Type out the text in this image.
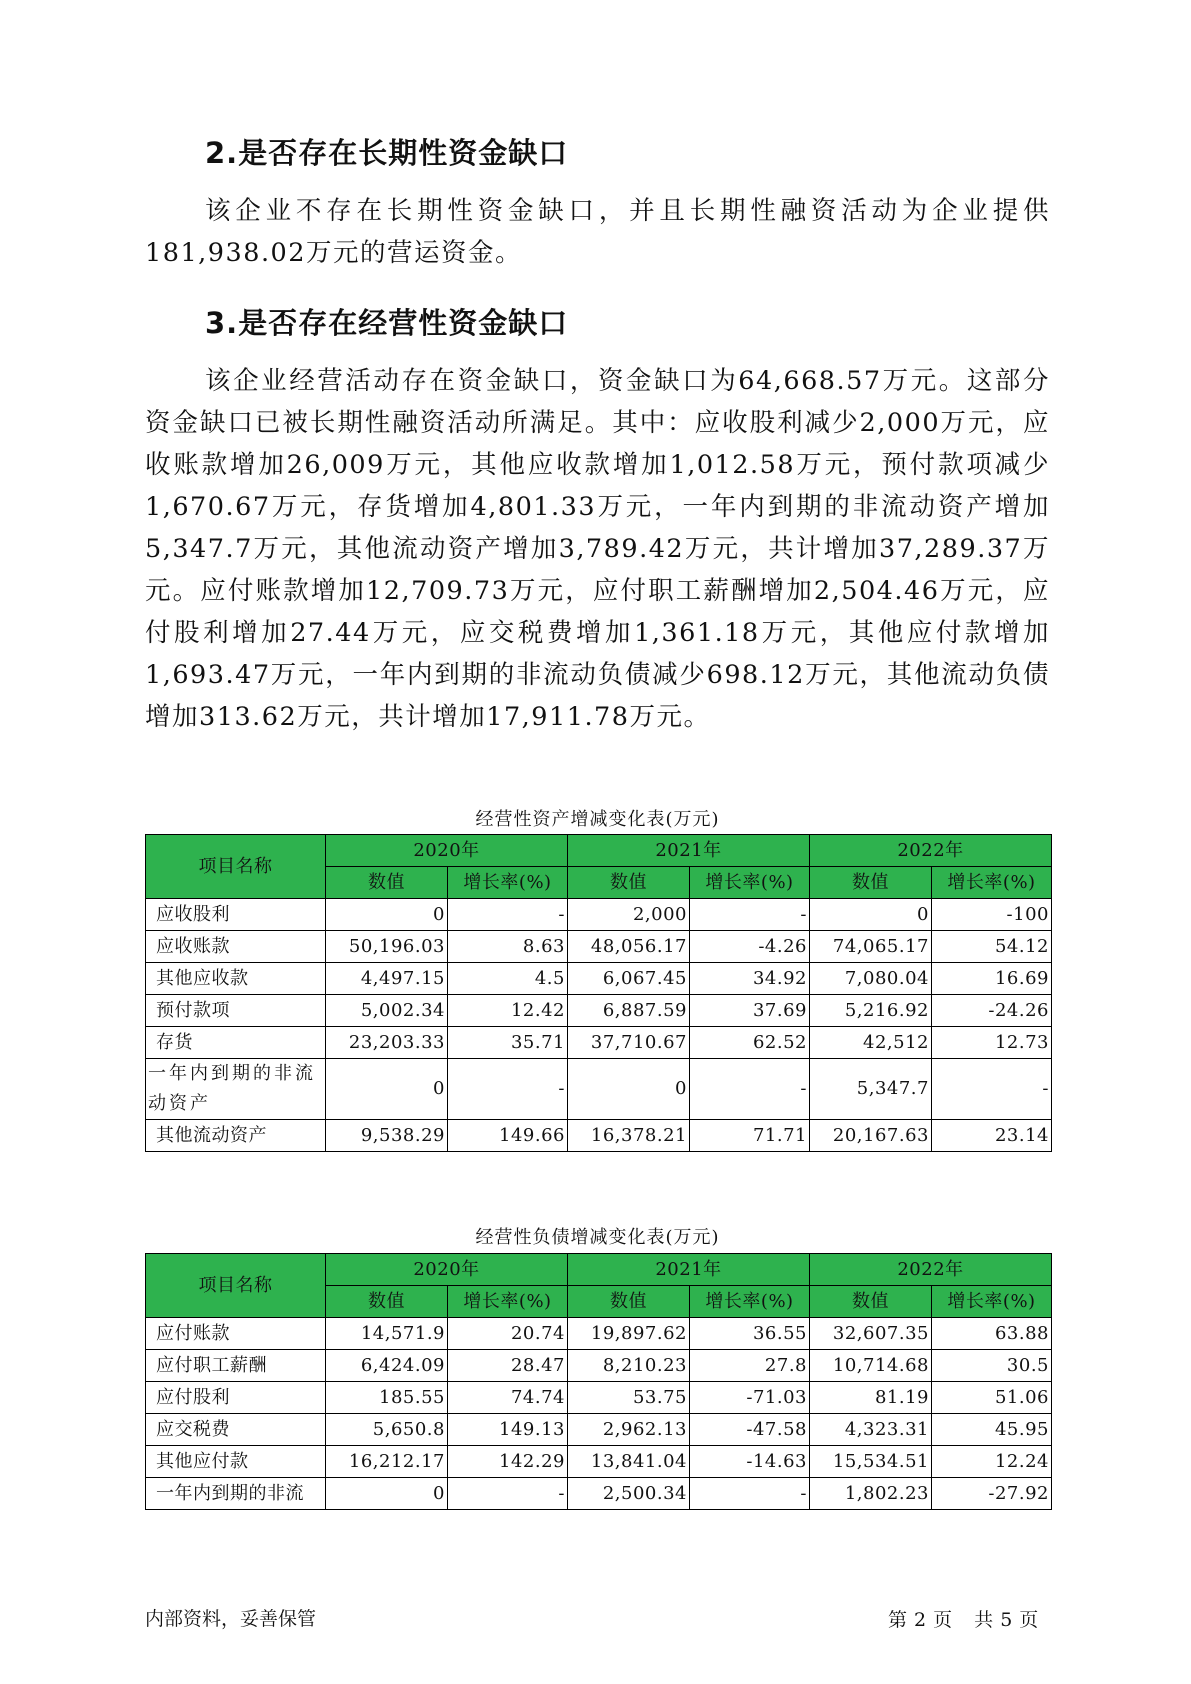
2.是否存在长期性资金缺口

该企业不存在长期性资金缺口，并且长期性融资活动为企业提供181,938.02万元的营运资金。

3.是否存在经营性资金缺口

该企业经营活动存在资金缺口，资金缺口为64,668.57万元。这部分资金缺口已被长期性融资活动所满足。其中：应收股利减少2,000万元，应收账款增加26,009万元，其他应收款增加1,012.58万元，预付款项减少1,670.67万元，存货增加4,801.33万元，一年内到期的非流动资产增加5,347.7万元，其他流动资产增加3,789.42万元，共计增加37,289.37万元。应付账款增加12,709.73万元，应付职工薪酬增加2,504.46万元，应付股利增加27.44万元，应交税费增加1,361.18万元，其他应付款增加1,693.47万元，一年内到期的非流动负债减少698.12万元，其他流动负债增加313.62万元，共计增加17,911.78万元。

经营性资产增减变化表(万元)
项目名称	2020年		2021年		2022年	
	数值	增长率(%)	数值	增长率(%)	数值	增长率(%)
应收股利	0	-	2,000	-	0	-100
应收账款	50,196.03	8.63	48,056.17	-4.26	74,065.17	54.12
其他应收款	4,497.15	4.5	6,067.45	34.92	7,080.04	16.69
预付款项	5,002.34	12.42	6,887.59	37.69	5,216.92	-24.26
存货	23,203.33	35.71	37,710.67	62.52	42,512	12.73
一年内到期的非流动资产	0	-	0	-	5,347.7	-
其他流动资产	9,538.29	149.66	16,378.21	71.71	20,167.63	23.14
经营性负债增减变化表(万元)
项目名称	2020年		2021年		2022年	
	数值	增长率(%)	数值	增长率(%)	数值	增长率(%)
应付账款	14,571.9	20.74	19,897.62	36.55	32,607.35	63.88
应付职工薪酬	6,424.09	28.47	8,210.23	27.8	10,714.68	30.5
应付股利	185.55	74.74	53.75	-71.03	81.19	51.06
应交税费	5,650.8	149.13	2,962.13	-47.58	4,323.31	45.95
其他应付款	16,212.17	142.29	13,841.04	-14.63	15,534.51	12.24
一年内到期的非流	0	-	2,500.34	-	1,802.23	-27.92
内部资料，妥善保管	第 2 页 共 5 页
